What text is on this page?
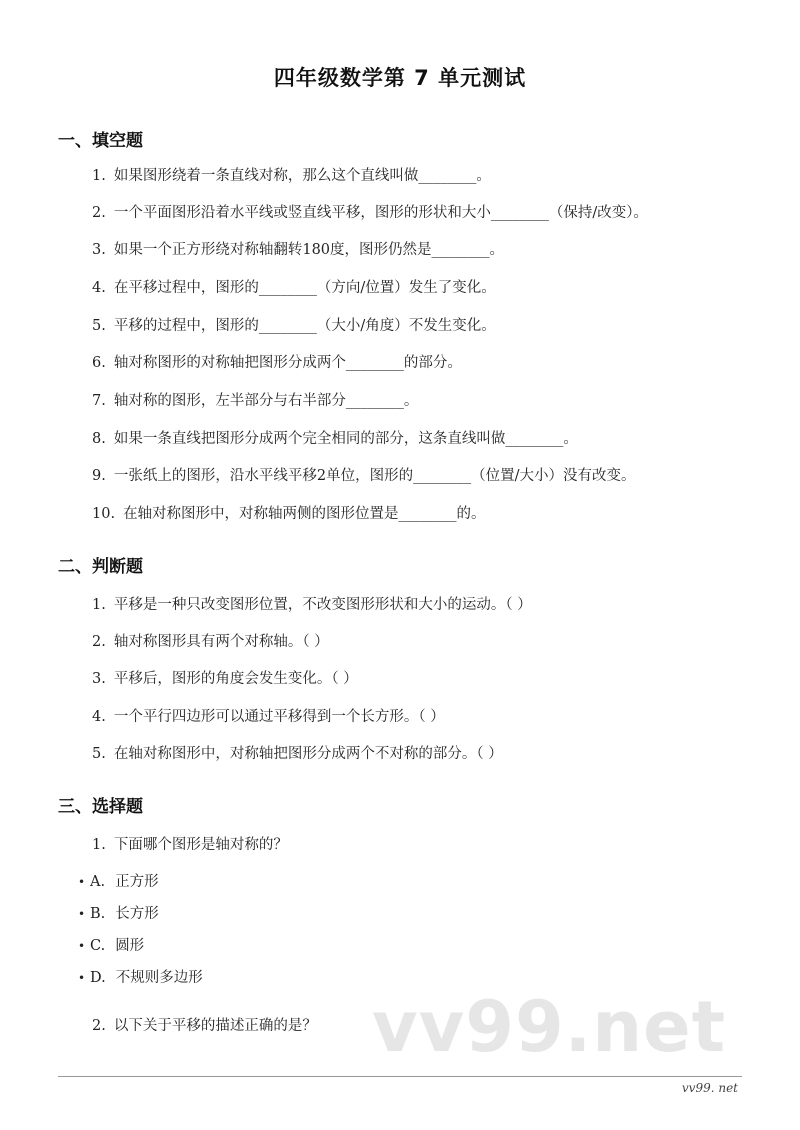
四年级数学第 7 单元测试
一、填空题
1. 如果图形绕着一条直线对称，那么这个直线叫做________。
2. 一个平面图形沿着水平线或竖直线平移，图形的形状和大小________（保持/改变）。
3. 如果一个正方形绕对称轴翻转180度，图形仍然是________。
4. 在平移过程中，图形的________（方向/位置）发生了变化。
5. 平移的过程中，图形的________（大小/角度）不发生变化。
6. 轴对称图形的对称轴把图形分成两个________的部分。
7. 轴对称的图形，左半部分与右半部分________。
8. 如果一条直线把图形分成两个完全相同的部分，这条直线叫做________。
9. 一张纸上的图形，沿水平线平移2单位，图形的________（位置/大小）没有改变。
10. 在轴对称图形中，对称轴两侧的图形位置是________的。
二、判断题
1. 平移是一种只改变图形位置，不改变图形形状和大小的运动。（ ）
2. 轴对称图形具有两个对称轴。（ ）
3. 平移后，图形的角度会发生变化。（ ）
4. 一个平行四边形可以通过平移得到一个长方形。（ ）
5. 在轴对称图形中，对称轴把图形分成两个不对称的部分。（ ）
三、选择题
1. 下面哪个图形是轴对称的？
• A. 正方形
• B. 长方形
• C. 圆形
• D. 不规则多边形
vv99.net
2. 以下关于平移的描述正确的是？
vv99. net
